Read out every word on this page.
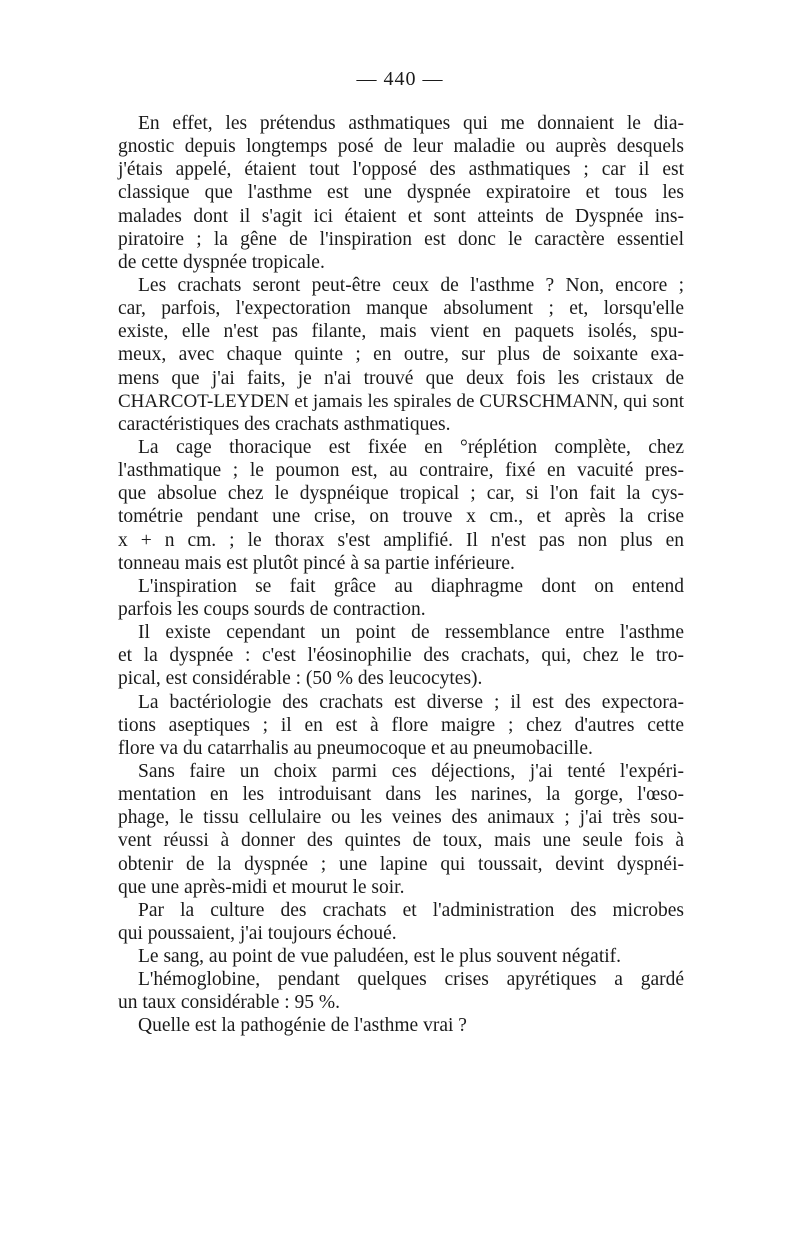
— 440 —
En effet, les prétendus asthmatiques qui me donnaient le dia-
gnostic depuis longtemps posé de leur maladie ou auprès desquels
j'étais appelé, étaient tout l'opposé des asthmatiques ; car il est
classique que l'asthme est une dyspnée expiratoire et tous les
malades dont il s'agit ici étaient et sont atteints de Dyspnée ins-
piratoire ; la gêne de l'inspiration est donc le caractère essentiel
de cette dyspnée tropicale.
Les crachats seront peut-être ceux de l'asthme ? Non, encore ;
car, parfois, l'expectoration manque absolument ; et, lorsqu'elle
existe, elle n'est pas filante, mais vient en paquets isolés, spu-
meux, avec chaque quinte ; en outre, sur plus de soixante exa-
mens que j'ai faits, je n'ai trouvé que deux fois les cristaux de
CHARCOT-LEYDEN et jamais les spirales de CURSCHMANN, qui sont
caractéristiques des crachats asthmatiques.
La cage thoracique est fixée en °réplétion complète, chez
l'asthmatique ; le poumon est, au contraire, fixé en vacuité pres-
que absolue chez le dyspnéique tropical ; car, si l'on fait la cys-
tométrie pendant une crise, on trouve x cm., et après la crise
x + n cm. ; le thorax s'est amplifié. Il n'est pas non plus en
tonneau mais est plutôt pincé à sa partie inférieure.
L'inspiration se fait grâce au diaphragme dont on entend
parfois les coups sourds de contraction.
Il existe cependant un point de ressemblance entre l'asthme
et la dyspnée : c'est l'éosinophilie des crachats, qui, chez le tro-
pical, est considérable : (50 % des leucocytes).
La bactériologie des crachats est diverse ; il est des expectora-
tions aseptiques ; il en est à flore maigre ; chez d'autres cette
flore va du catarrhalis au pneumocoque et au pneumobacille.
Sans faire un choix parmi ces déjections, j'ai tenté l'expéri-
mentation en les introduisant dans les narines, la gorge, l'œso-
phage, le tissu cellulaire ou les veines des animaux ; j'ai très sou-
vent réussi à donner des quintes de toux, mais une seule fois à
obtenir de la dyspnée ; une lapine qui toussait, devint dyspnéi-
que une après-midi et mourut le soir.
Par la culture des crachats et l'administration des microbes
qui poussaient, j'ai toujours échoué.
Le sang, au point de vue paludéen, est le plus souvent négatif.
L'hémoglobine, pendant quelques crises apyrétiques a gardé
un taux considérable : 95 %.
Quelle est la pathogénie de l'asthme vrai ?
